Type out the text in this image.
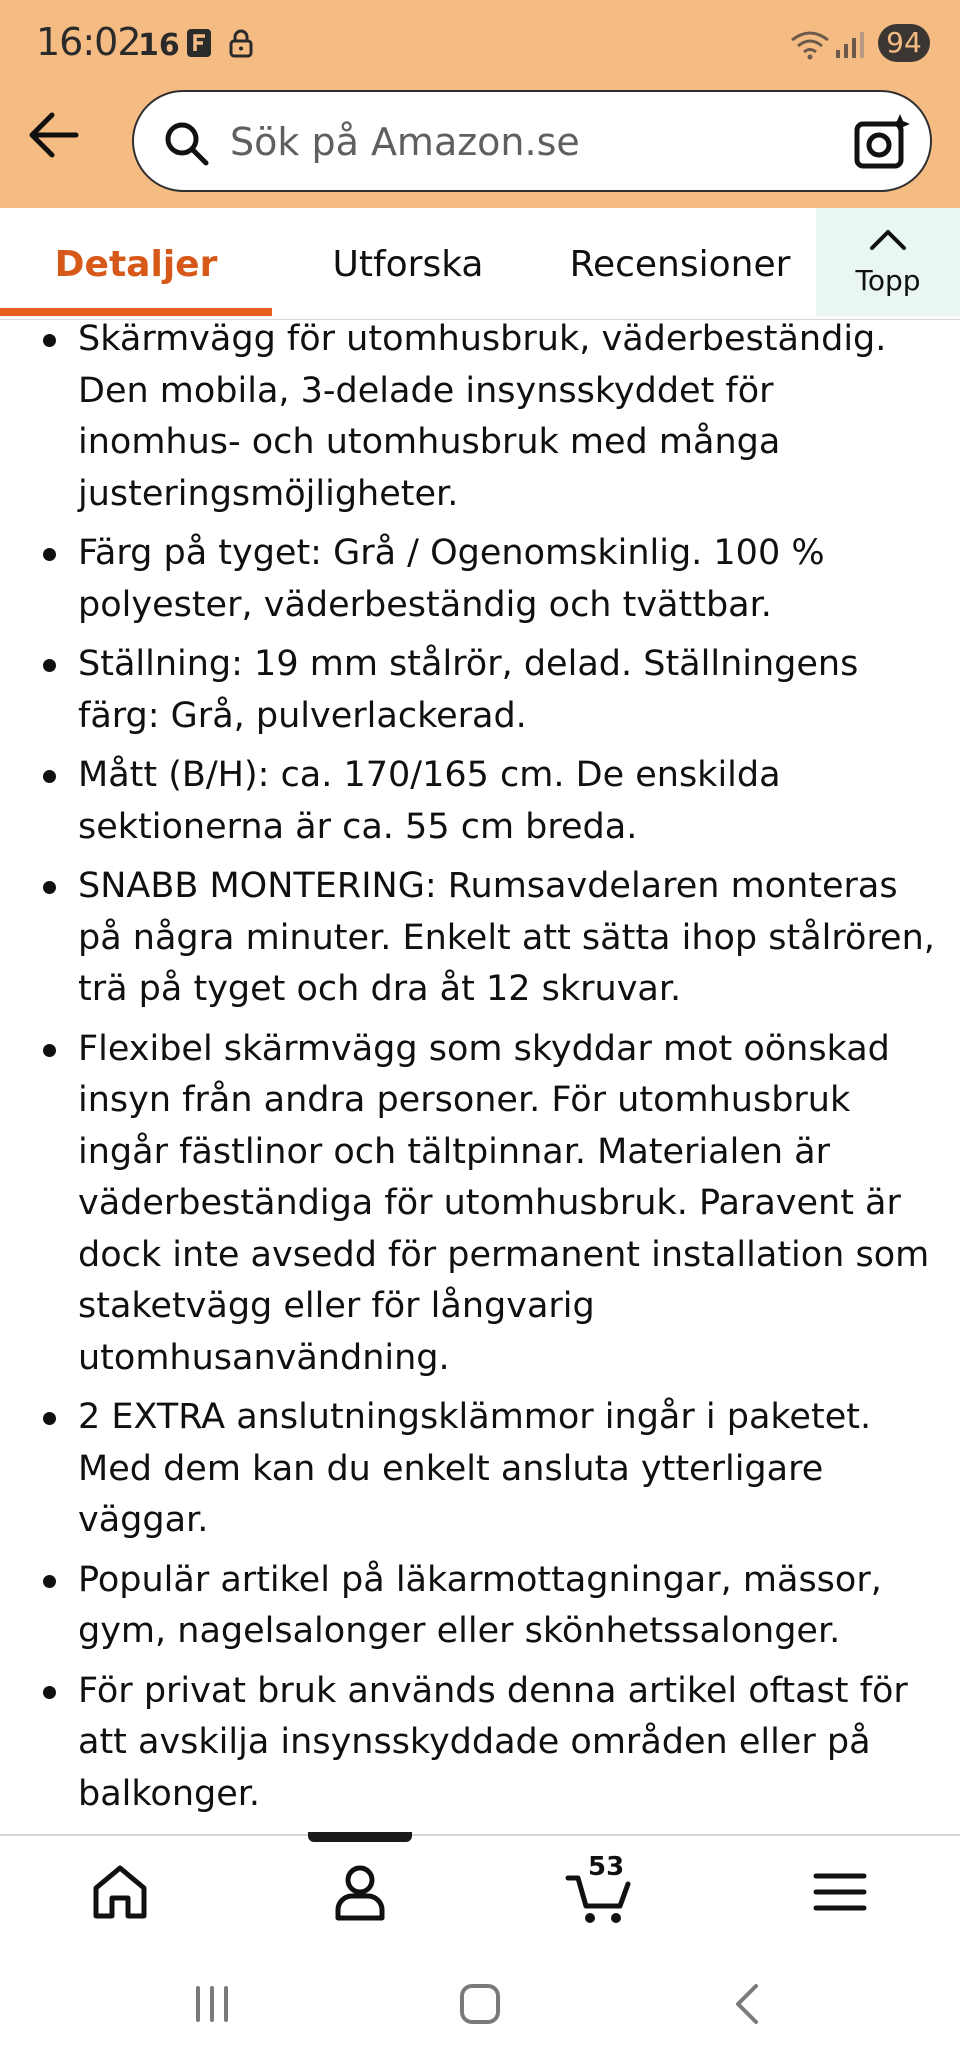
16:02
16	94
Sök på Amazon.se
Detaljer	Utforska	Recensioner	Topp
Skärmvägg för utomhusbruk, väderbeständig. Den mobila, 3-delade insynsskyddet för inomhus- och utomhusbruk med många justeringsmöjligheter.
Färg på tyget: Grå / Ogenomskinlig. 100 % polyester, väderbeständig och tvättbar.
Ställning: 19 mm stålrör, delad. Ställningens färg: Grå, pulverlackerad.
Mått (B/H): ca. 170/165 cm. De enskilda sektionerna är ca. 55 cm breda.
SNABB MONTERING: Rumsavdelaren monteras på några minuter. Enkelt att sätta ihop stålrören, trä på tyget och dra åt 12 skruvar.
Flexibel skärmvägg som skyddar mot oönskad insyn från andra personer. För utomhusbruk ingår fästlinor och tältpinnar. Materialen är väderbeständiga för utomhusbruk. Paravent är dock inte avsedd för permanent installation som staketvägg eller för långvarig utomhusanvändning.
2 EXTRA anslutningsklämmor ingår i paketet. Med dem kan du enkelt ansluta ytterligare väggar.
Populär artikel på läkarmottagningar, mässor, gym, nagelsalonger eller skönhetssalonger.
För privat bruk används denna artikel oftast för att avskilja insynsskyddade områden eller på balkonger.
53
